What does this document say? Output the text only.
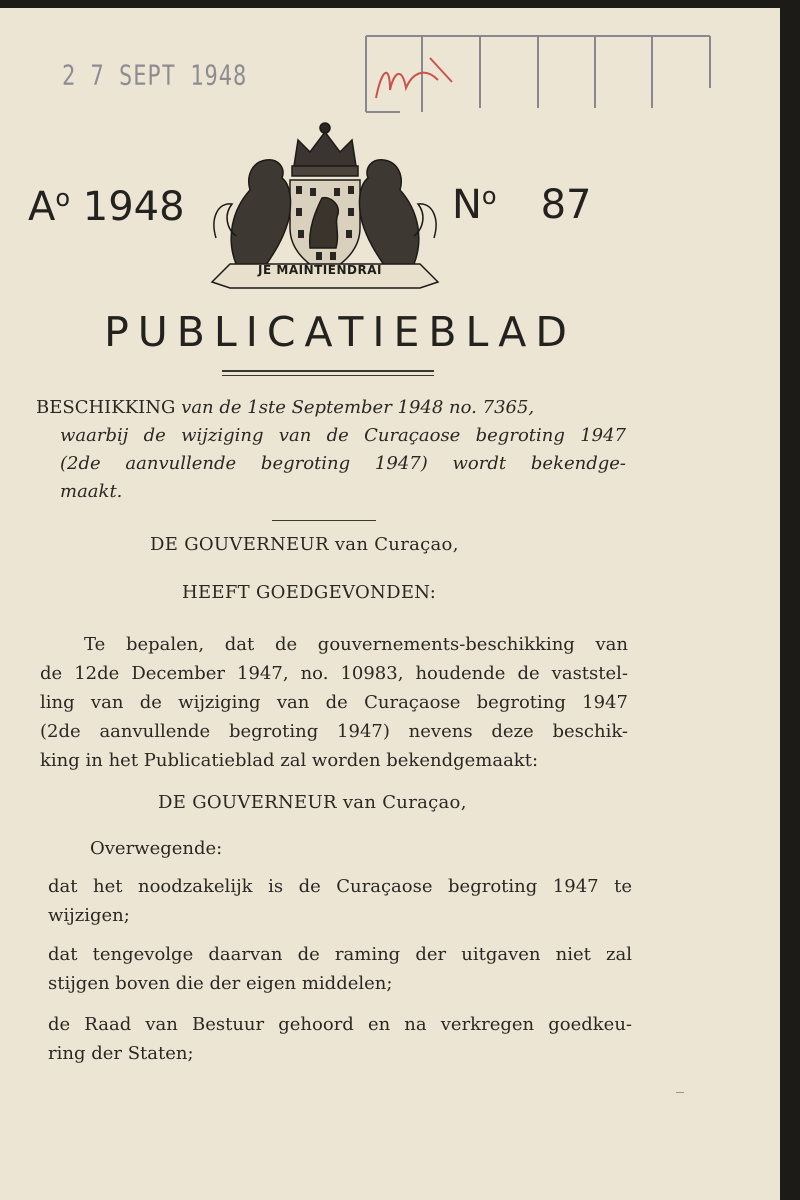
2 7 SEPT 1948
$A^o$ 1948
JE MAINTIENDRAI
$N^o$ 87
PUBLICATIEBLAD
BESCHIKKING van de 1ste September 1948 no. 7365,
waarbij de wijziging van de Curaçaose begroting 1947
(2de aanvullende begroting 1947) wordt bekendge-
maakt.
DE GOUVERNEUR van Curaçao,
HEEFT GOEDGEVONDEN:
Te bepalen, dat de gouvernements-beschikking van
de 12de December 1947, no. 10983, houdende de vaststel-
ling van de wijziging van de Curaçaose begroting 1947
(2de aanvullende begroting 1947) nevens deze beschik-
king in het Publicatieblad zal worden bekendgemaakt:
DE GOUVERNEUR van Curaçao,
Overwegende:
dat het noodzakelijk is de Curaçaose begroting 1947 te
wijzigen;
dat tengevolge daarvan de raming der uitgaven niet zal
stijgen boven die der eigen middelen;
de Raad van Bestuur gehoord en na verkregen goedkeu-
ring der Staten;
